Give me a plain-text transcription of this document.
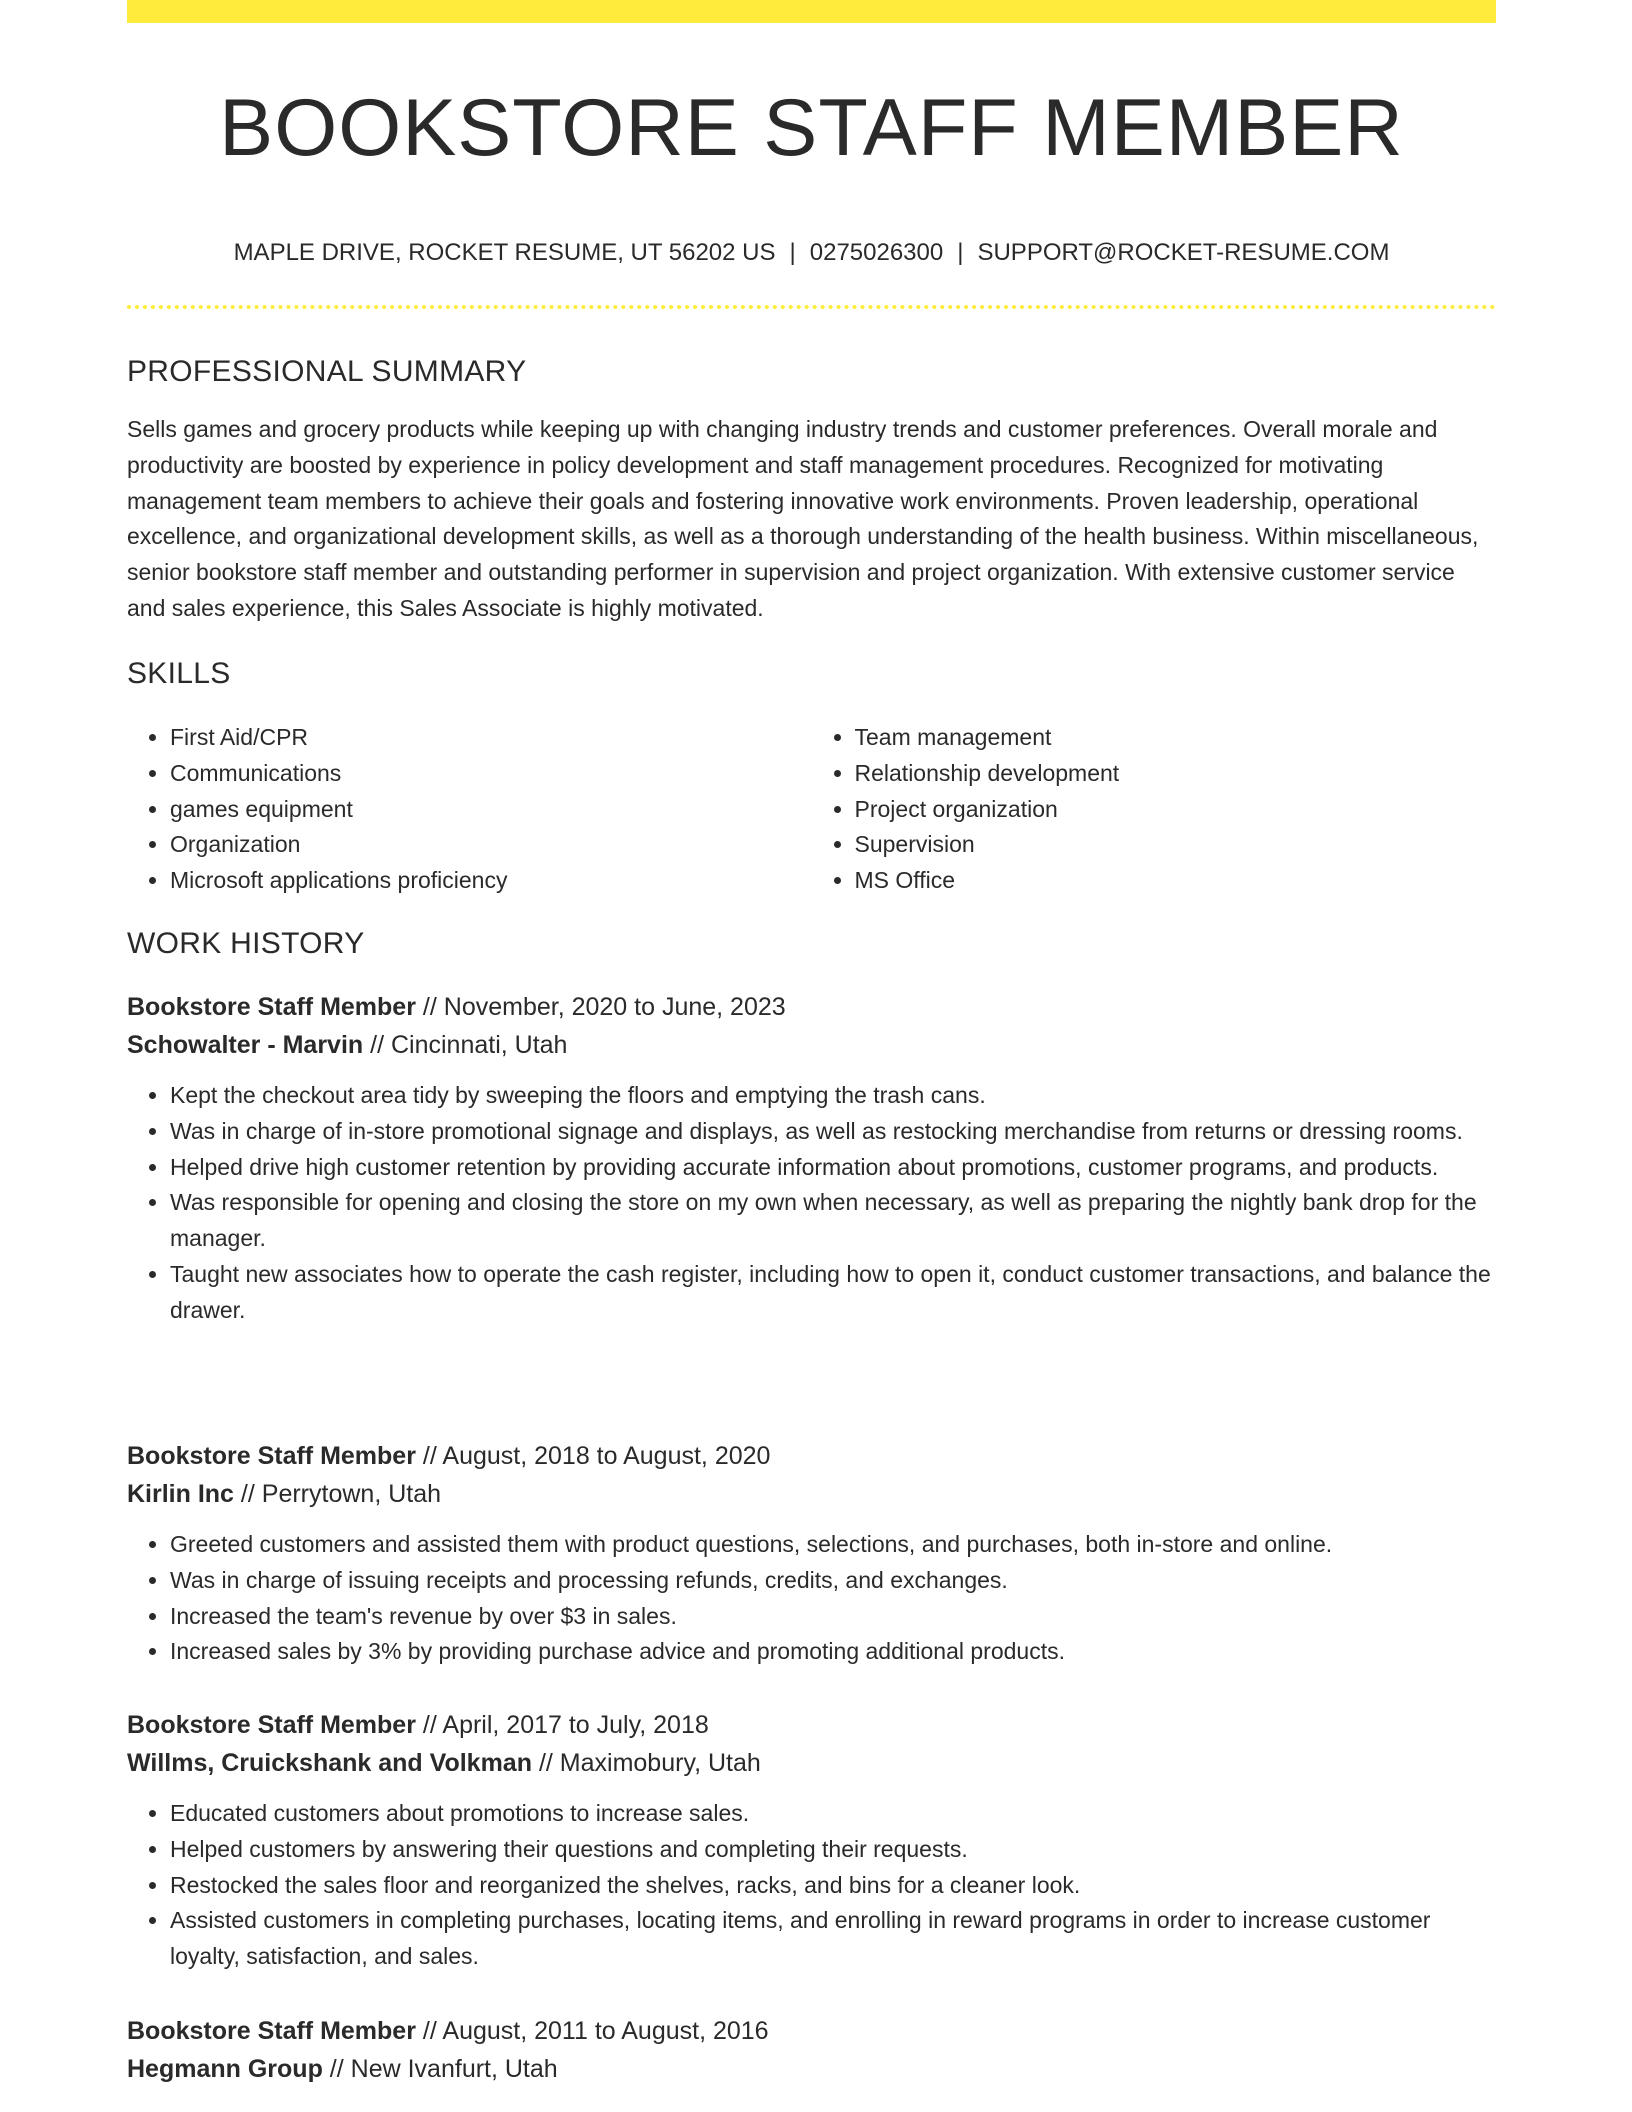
BOOKSTORE STAFF MEMBER
MAPLE DRIVE, ROCKET RESUME, UT 56202 US | 0275026300 | SUPPORT@ROCKET-RESUME.COM
PROFESSIONAL SUMMARY
Sells games and grocery products while keeping up with changing industry trends and customer preferences. Overall morale and productivity are boosted by experience in policy development and staff management procedures. Recognized for motivating management team members to achieve their goals and fostering innovative work environments. Proven leadership, operational excellence, and organizational development skills, as well as a thorough understanding of the health business. Within miscellaneous, senior bookstore staff member and outstanding performer in supervision and project organization. With extensive customer service and sales experience, this Sales Associate is highly motivated.
SKILLS
• First Aid/CPR
• Communications
• games equipment
• Organization
• Microsoft applications proficiency
• Team management
• Relationship development
• Project organization
• Supervision
• MS Office
WORK HISTORY
Bookstore Staff Member // November, 2020 to June, 2023
Schowalter - Marvin // Cincinnati, Utah
• Kept the checkout area tidy by sweeping the floors and emptying the trash cans.
• Was in charge of in-store promotional signage and displays, as well as restocking merchandise from returns or dressing rooms.
• Helped drive high customer retention by providing accurate information about promotions, customer programs, and products.
• Was responsible for opening and closing the store on my own when necessary, as well as preparing the nightly bank drop for the manager.
• Taught new associates how to operate the cash register, including how to open it, conduct customer transactions, and balance the drawer.
Bookstore Staff Member // August, 2018 to August, 2020
Kirlin Inc // Perrytown, Utah
• Greeted customers and assisted them with product questions, selections, and purchases, both in-store and online.
• Was in charge of issuing receipts and processing refunds, credits, and exchanges.
• Increased the team's revenue by over $3 in sales.
• Increased sales by 3% by providing purchase advice and promoting additional products.
Bookstore Staff Member // April, 2017 to July, 2018
Willms, Cruickshank and Volkman // Maximobury, Utah
• Educated customers about promotions to increase sales.
• Helped customers by answering their questions and completing their requests.
• Restocked the sales floor and reorganized the shelves, racks, and bins for a cleaner look.
• Assisted customers in completing purchases, locating items, and enrolling in reward programs in order to increase customer loyalty, satisfaction, and sales.
Bookstore Staff Member // August, 2011 to August, 2016
Hegmann Group // New Ivanfurt, Utah
